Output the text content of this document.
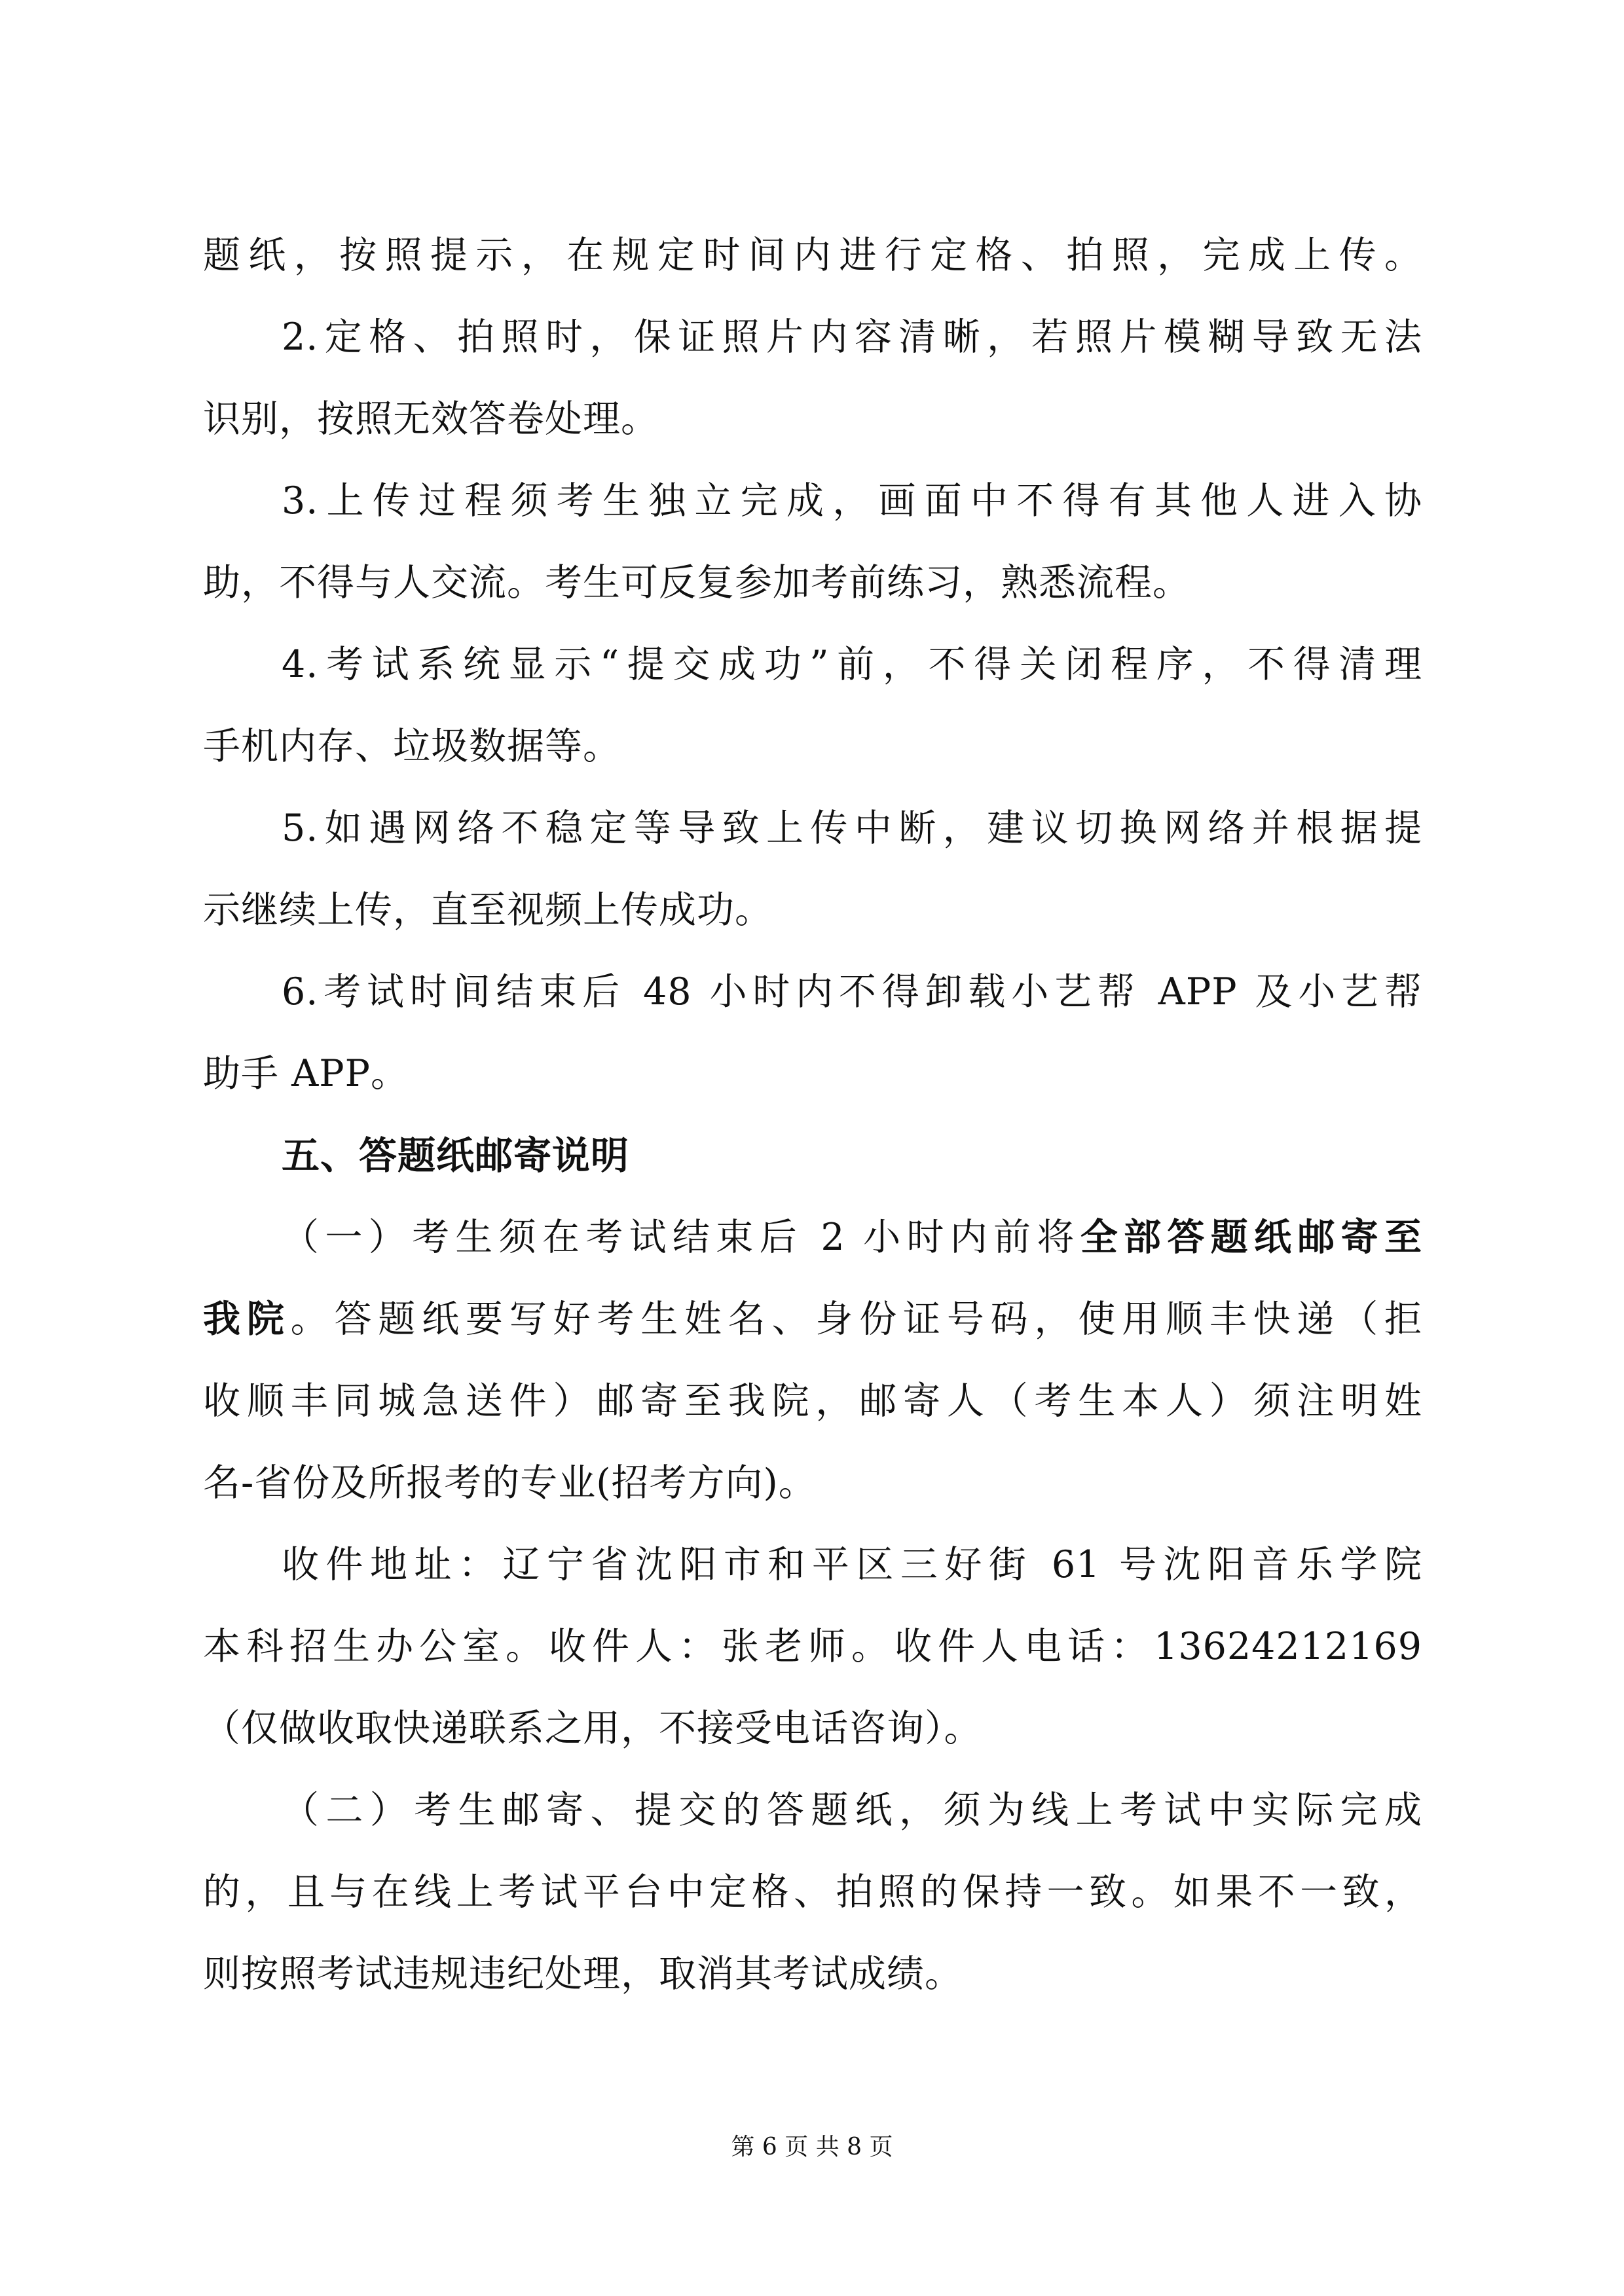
题纸，按照提示，在规定时间内进行定格、拍照，完成上传。
2.定格、拍照时，保证照片内容清晰，若照片模糊导致无法
识别，按照无效答卷处理。
3.上传过程须考生独立完成，画面中不得有其他人进入协
助，不得与人交流。考生可反复参加考前练习，熟悉流程。
4.考试系统显示“提交成功”前，不得关闭程序，不得清理
手机内存、垃圾数据等。
5.如遇网络不稳定等导致上传中断，建议切换网络并根据提
示继续上传，直至视频上传成功。
6.考试时间结束后 48 小时内不得卸载小艺帮 APP 及小艺帮
助手 APP。
五、答题纸邮寄说明
（一）考生须在考试结束后 2 小时内前将全部答题纸邮寄至
我院。答题纸要写好考生姓名、身份证号码，使用顺丰快递（拒
收顺丰同城急送件）邮寄至我院，邮寄人（考生本人）须注明姓
名-省份及所报考的专业(招考方向)。
收件地址：辽宁省沈阳市和平区三好街 61 号沈阳音乐学院
本科招生办公室。收件人：张老师。收件人电话：13624212169
（仅做收取快递联系之用，不接受电话咨询）。
（二）考生邮寄、提交的答题纸，须为线上考试中实际完成
的，且与在线上考试平台中定格、拍照的保持一致。如果不一致，
则按照考试违规违纪处理，取消其考试成绩。
第 6 页 共 8 页
